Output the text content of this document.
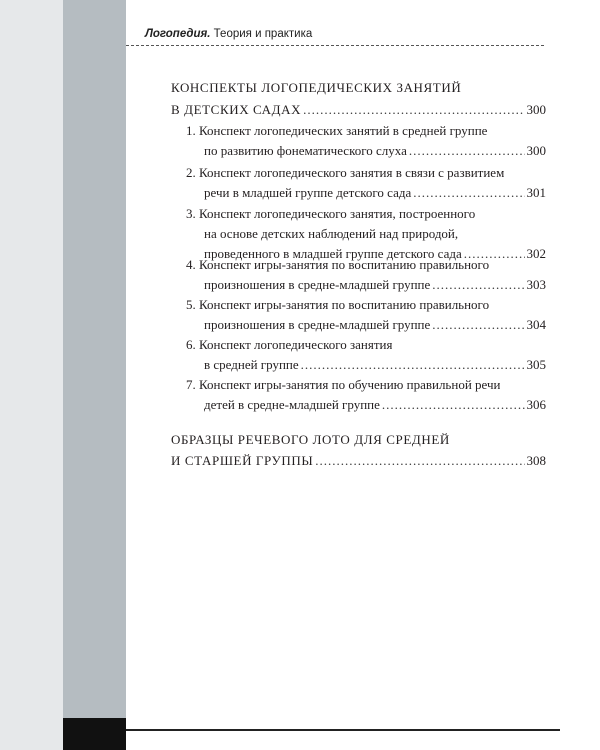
Логопедия. Теория и практика
КОНСПЕКТЫ ЛОГОПЕДИЧЕСКИХ ЗАНЯТИЙ
В ДЕТСКИХ САДАХ .....	300
1. Конспект логопедических занятий в средней группе
по развитию фонематического слуха .....	300
2. Конспект логопедического занятия в связи с развитием
речи в младшей группе детского сада .....	301
3. Конспект логопедического занятия, построенного
на основе детских наблюдений над природой,
проведенного в младшей группе детского сада .....	302
4. Конспект игры-занятия по воспитанию правильного
произношения в средне-младшей группе .....	303
5. Конспект игры-занятия по воспитанию правильного
произношения в средне-младшей группе .....	304
6. Конспект логопедического занятия
в средней группе .....	305
7. Конспект игры-занятия по обучению правильной речи
детей в средне-младшей группе .....	306
ОБРАЗЦЫ РЕЧЕВОГО ЛОТО ДЛЯ СРЕДНЕЙ
И СТАРШЕЙ ГРУППЫ .....	308
